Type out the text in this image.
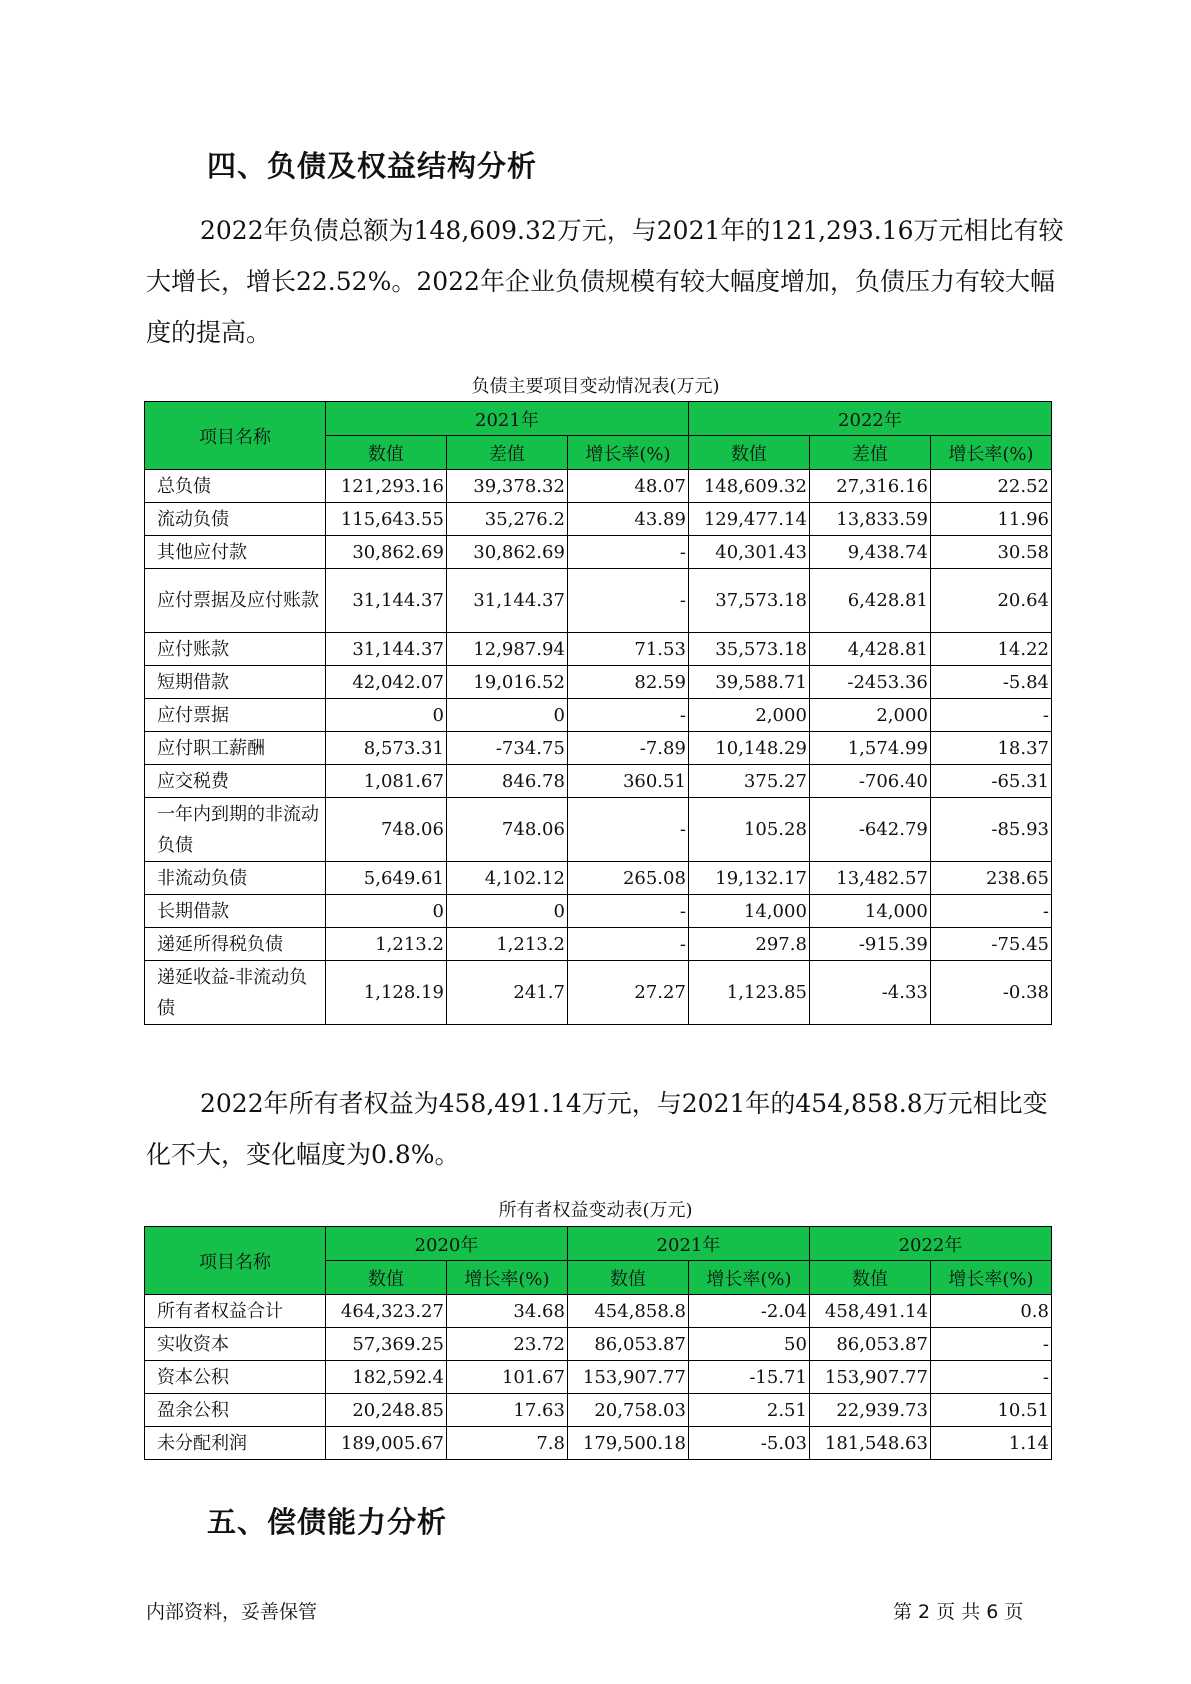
四、负债及权益结构分析
2022年负债总额为148,609.32万元，与2021年的121,293.16万元相比有较大增长，增长22.52%。2022年企业负债规模有较大幅度增加，负债压力有较大幅度的提高。
负债主要项目变动情况表(万元)
项目名称	2021年			2022年		
	数值	差值	增长率(%)	数值	差值	增长率(%)
总负债	121,293.16	39,378.32	48.07	148,609.32	27,316.16	22.52
流动负债	115,643.55	35,276.2	43.89	129,477.14	13,833.59	11.96
其他应付款	30,862.69	30,862.69	-	40,301.43	9,438.74	30.58
应付票据及应付账款	31,144.37	31,144.37	-	37,573.18	6,428.81	20.64
应付账款	31,144.37	12,987.94	71.53	35,573.18	4,428.81	14.22
短期借款	42,042.07	19,016.52	82.59	39,588.71	-2453.36	-5.84
应付票据	0	0	-	2,000	2,000	-
应付职工薪酬	8,573.31	-734.75	-7.89	10,148.29	1,574.99	18.37
应交税费	1,081.67	846.78	360.51	375.27	-706.40	-65.31
一年内到期的非流动负债	748.06	748.06	-	105.28	-642.79	-85.93
非流动负债	5,649.61	4,102.12	265.08	19,132.17	13,482.57	238.65
长期借款	0	0	-	14,000	14,000	-
递延所得税负债	1,213.2	1,213.2	-	297.8	-915.39	-75.45
递延收益-非流动负债	1,128.19	241.7	27.27	1,123.85	-4.33	-0.38
2022年所有者权益为458,491.14万元，与2021年的454,858.8万元相比变化不大，变化幅度为0.8%。
所有者权益变动表(万元)
项目名称	2020年		2021年		2022年	
	数值	增长率(%)	数值	增长率(%)	数值	增长率(%)
所有者权益合计	464,323.27	34.68	454,858.8	-2.04	458,491.14	0.8
实收资本	57,369.25	23.72	86,053.87	50	86,053.87	-
资本公积	182,592.4	101.67	153,907.77	-15.71	153,907.77	-
盈余公积	20,248.85	17.63	20,758.03	2.51	22,939.73	10.51
未分配利润	189,005.67	7.8	179,500.18	-5.03	181,548.63	1.14
五、偿债能力分析
内部资料，妥善保管	第 2 页 共 6 页
